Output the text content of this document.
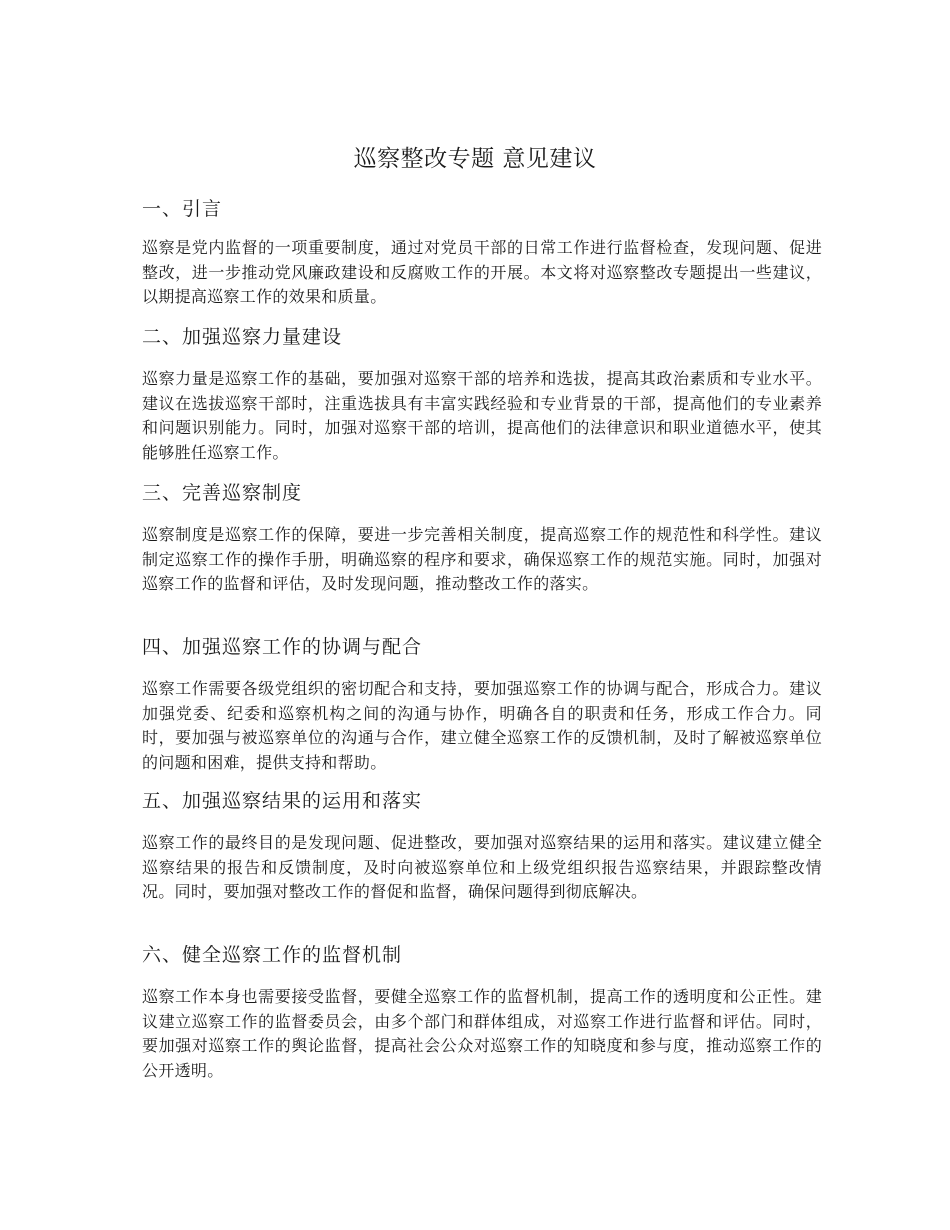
巡察整改专题 意见建议
一、引言

巡察是党内监督的一项重要制度，通过对党员干部的日常工作进行监督检查，发现问题、促进整改，进一步推动党风廉政建设和反腐败工作的开展。本文将对巡察整改专题提出一些建议，以期提高巡察工作的效果和质量。

二、加强巡察力量建设

巡察力量是巡察工作的基础，要加强对巡察干部的培养和选拔，提高其政治素质和专业水平。建议在选拔巡察干部时，注重选拔具有丰富实践经验和专业背景的干部，提高他们的专业素养和问题识别能力。同时，加强对巡察干部的培训，提高他们的法律意识和职业道德水平，使其能够胜任巡察工作。

三、完善巡察制度

巡察制度是巡察工作的保障，要进一步完善相关制度，提高巡察工作的规范性和科学性。建议制定巡察工作的操作手册，明确巡察的程序和要求，确保巡察工作的规范实施。同时，加强对巡察工作的监督和评估，及时发现问题，推动整改工作的落实。

四、加强巡察工作的协调与配合

巡察工作需要各级党组织的密切配合和支持，要加强巡察工作的协调与配合，形成合力。建议加强党委、纪委和巡察机构之间的沟通与协作，明确各自的职责和任务，形成工作合力。同时，要加强与被巡察单位的沟通与合作，建立健全巡察工作的反馈机制，及时了解被巡察单位的问题和困难，提供支持和帮助。

五、加强巡察结果的运用和落实

巡察工作的最终目的是发现问题、促进整改，要加强对巡察结果的运用和落实。建议建立健全巡察结果的报告和反馈制度，及时向被巡察单位和上级党组织报告巡察结果，并跟踪整改情况。同时，要加强对整改工作的督促和监督，确保问题得到彻底解决。

六、健全巡察工作的监督机制

巡察工作本身也需要接受监督，要健全巡察工作的监督机制，提高工作的透明度和公正性。建议建立巡察工作的监督委员会，由多个部门和群体组成，对巡察工作进行监督和评估。同时，要加强对巡察工作的舆论监督，提高社会公众对巡察工作的知晓度和参与度，推动巡察工作的公开透明。
